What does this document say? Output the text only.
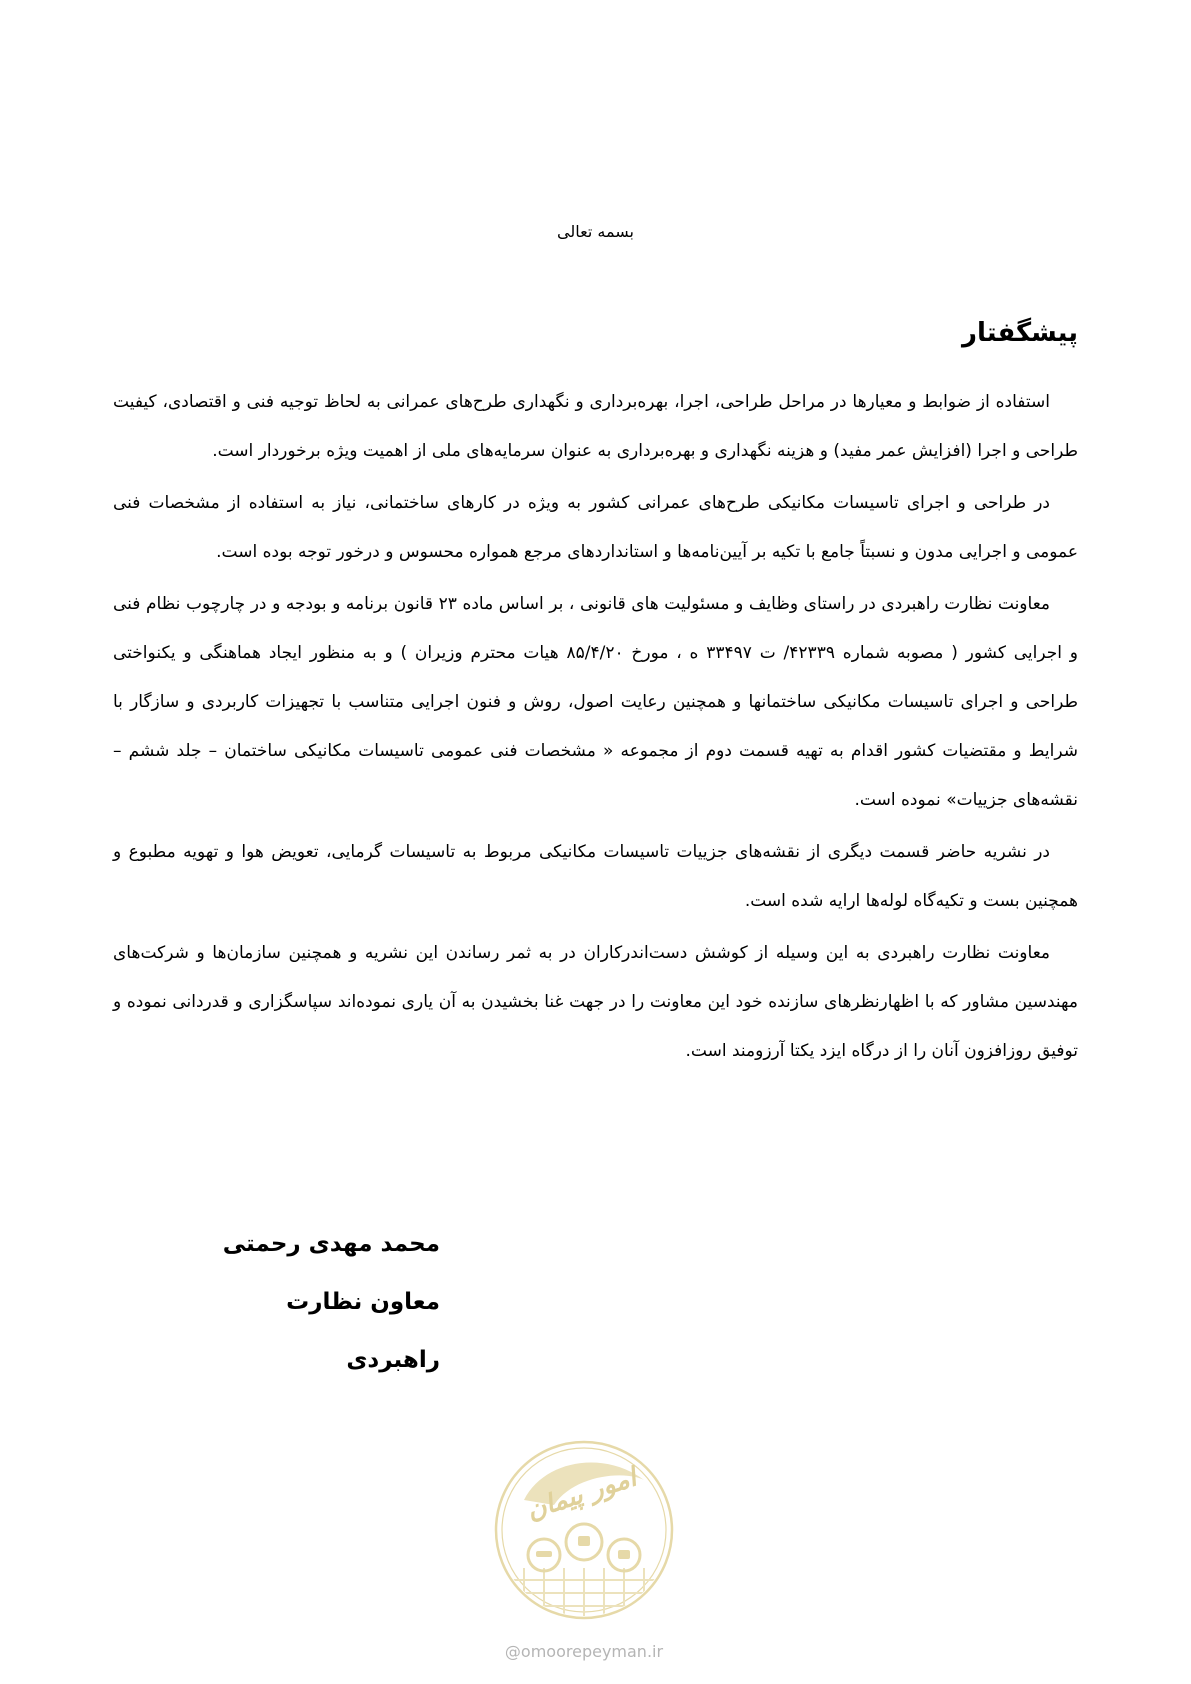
بسمه تعالی
پیشگفتار

استفاده از ضوابط و معیارها در مراحل طراحی، اجرا، بهره‌برداری و نگهداری طرح‌های عمرانی به لحاظ توجیه فنی و اقتصادی، کیفیت طراحی و اجرا (افزایش عمر مفید) و هزینه نگهداری و بهره‌برداری به عنوان سرمایه‌های ملی از اهمیت ویژه برخوردار است.

در طراحی و اجرای تاسیسات مکانیکی طرح‌های عمرانی کشور به ویژه در کارهای ساختمانی، نیاز به استفاده از مشخصات فنی عمومی و اجرایی مدون و نسبتاً جامع با تکیه بر آیین‌نامه‌ها و استانداردهای مرجع همواره محسوس و درخور توجه بوده است.

معاونت نظارت راهبردی در راستای وظایف و مسئولیت های قانونی ، بر اساس ماده ۲۳ قانون برنامه و بودجه و در چارچوب نظام فنی و اجرایی کشور ( مصوبه شماره ۴۲۳۳۹/ ت ۳۳۴۹۷ ه ، مورخ ۸۵/۴/۲۰ هیات محترم وزیران ) و به منظور ایجاد هماهنگی و یکنواختی طراحی و اجرای تاسیسات مکانیکی ساختمانها و همچنین رعایت اصول، روش و فنون اجرایی متناسب با تجهیزات کاربردی و سازگار با شرایط و مقتضیات کشور اقدام به تهیه قسمت دوم از مجموعه « مشخصات فنی عمومی تاسیسات مکانیکی ساختمان – جلد ششم – نقشه‌های جزییات» نموده است.

در نشریه حاضر قسمت دیگری از نقشه‌های جزییات تاسیسات مکانیکی مربوط به تاسیسات گرمایی، تعویض هوا و تهویه مطبوع و همچنین بست و تکیه‌گاه لوله‌ها ارایه شده است.

معاونت نظارت راهبردی به این وسیله از کوشش دست‌اندرکاران در به ثمر رساندن این نشریه و همچنین سازمان‌ها و شرکت‌های مهندسین مشاور که با اظهارنظرهای سازنده خود این معاونت را در جهت غنا بخشیدن به آن یاری نموده‌اند سپاسگزاری و قدردانی نموده و توفیق روزافزون آنان را از درگاه ایزد یکتا آرزومند است.

محمد مهدی رحمتی
معاون نظارت راهبردی
امور پیمان
@omoorepeyman.ir
